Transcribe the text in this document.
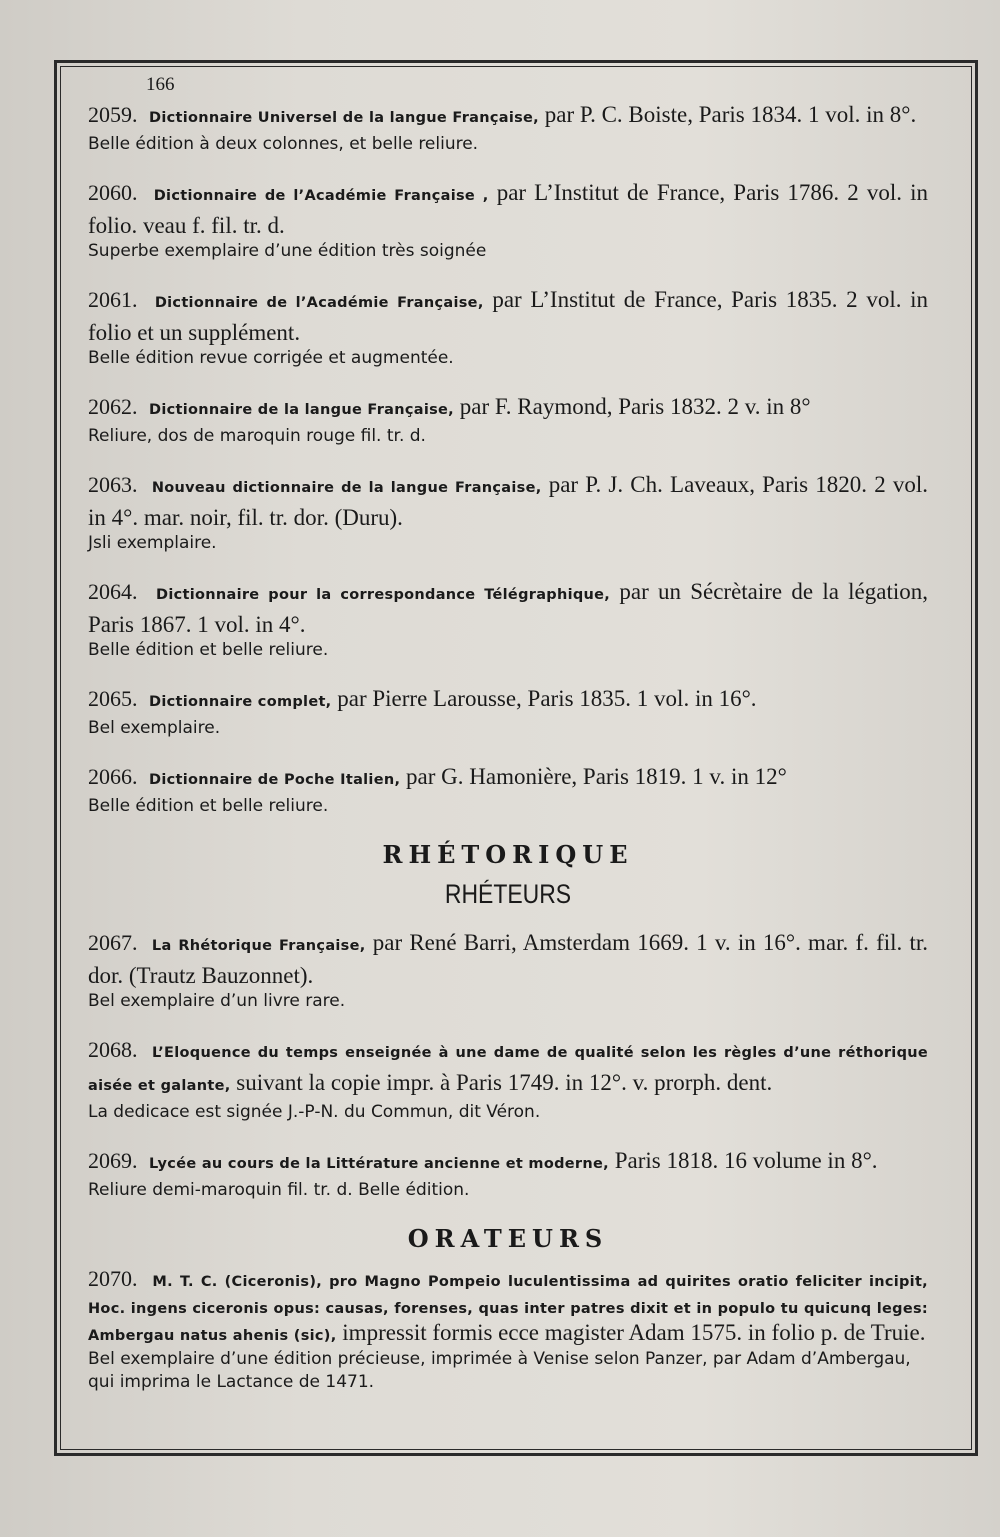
166
2059. Dictionnaire Universel de la langue Française, par P. C. Boiste, Paris 1834. 1 vol. in 8°.
Belle édition à deux colonnes, et belle reliure.
2060. Dictionnaire de l’Académie Française , par L’Institut de France, Paris 1786. 2 vol. in folio. veau f. fil. tr. d.
Superbe exemplaire d’une édition très soignée
2061. Dictionnaire de l’Académie Française, par L’Institut de France, Paris 1835. 2 vol. in folio et un supplément.
Belle édition revue corrigée et augmentée.
2062. Dictionnaire de la langue Française, par F. Raymond, Paris 1832. 2 v. in 8°
Reliure, dos de maroquin rouge fil. tr. d.
2063. Nouveau dictionnaire de la langue Française, par P. J. Ch. Laveaux, Paris 1820. 2 vol. in 4°. mar. noir, fil. tr. dor. (Duru).
Jsli exemplaire.
2064. Dictionnaire pour la correspondance Télégraphique, par un Sécrètaire de la légation, Paris 1867. 1 vol. in 4°.
Belle édition et belle reliure.
2065. Dictionnaire complet, par Pierre Larousse, Paris 1835. 1 vol. in 16°.
Bel exemplaire.
2066. Dictionnaire de Poche Italien, par G. Hamonière, Paris 1819. 1 v. in 12°
Belle édition et belle reliure.
RHÉTORIQUE
RHÉTEURS
2067. La Rhétorique Française, par René Barri, Amsterdam 1669. 1 v. in 16°. mar. f. fil. tr. dor. (Trautz Bauzonnet).
Bel exemplaire d’un livre rare.
2068. L’Eloquence du temps enseignée à une dame de qualité selon les règles d’une réthorique aisée et galante, suivant la copie impr. à Paris 1749. in 12°. v. prorph. dent.
La dedicace est signée J.-P-N. du Commun, dit Véron.
2069. Lycée au cours de la Littérature ancienne et moderne, Paris 1818. 16 volume in 8°.
Reliure demi-maroquin fil. tr. d. Belle édition.
ORATEURS
2070. M. T. C. (Ciceronis), pro Magno Pompeio luculentissima ad quirites oratio feliciter incipit, Hoc. ingens ciceronis opus: causas, forenses, quas inter patres dixit et in populo tu quicunq leges: Ambergau natus ahenis (sic), impressit formis ecce magister Adam 1575. in folio p. de Truie.
Bel exemplaire d’une édition précieuse, imprimée à Venise selon Panzer, par Adam d’Ambergau, qui imprima le Lactance de 1471.
